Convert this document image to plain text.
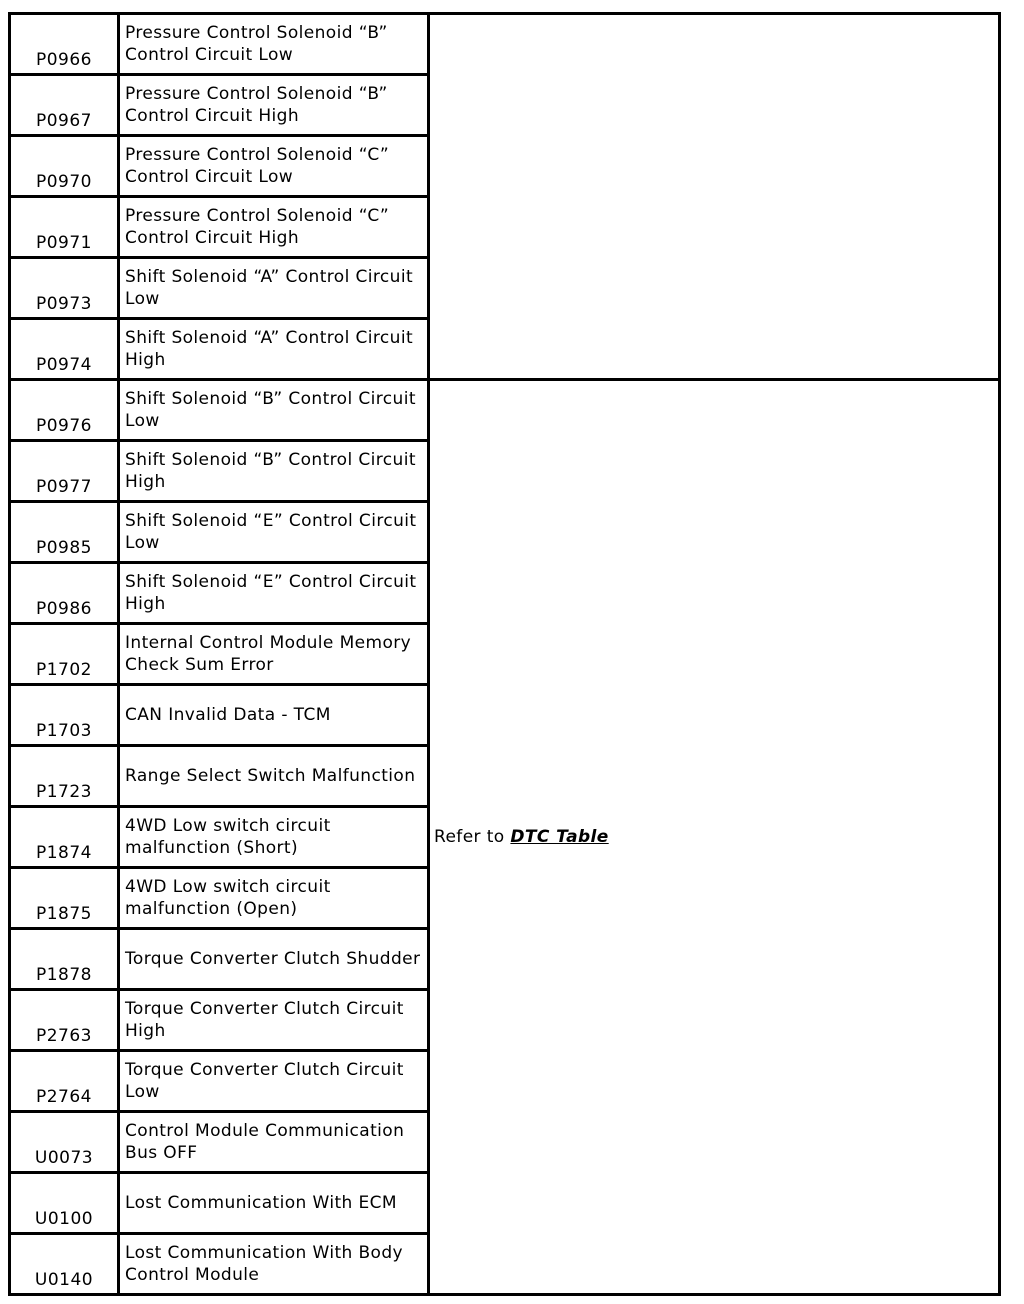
P0966	Pressure Control Solenoid “B” Control Circuit Low	
P0967	Pressure Control Solenoid “B” Control Circuit High	
P0970	Pressure Control Solenoid “C” Control Circuit Low	
P0971	Pressure Control Solenoid “C” Control Circuit High	
P0973	Shift Solenoid “A” Control Circuit Low	
P0974	Shift Solenoid “A” Control Circuit High	
P0976	Shift Solenoid “B” Control Circuit Low	Refer to DTC Table
P0977	Shift Solenoid “B” Control Circuit High	
P0985	Shift Solenoid “E” Control Circuit Low	
P0986	Shift Solenoid “E” Control Circuit High	
P1702	Internal Control Module Memory Check Sum Error	
P1703	CAN Invalid Data - TCM	
P1723	Range Select Switch Malfunction	
P1874	4WD Low switch circuit malfunction (Short)	
P1875	4WD Low switch circuit malfunction (Open)	
P1878	Torque Converter Clutch Shudder	
P2763	Torque Converter Clutch Circuit High	
P2764	Torque Converter Clutch Circuit Low	
U0073	Control Module Communication Bus OFF	
U0100	Lost Communication With ECM	
U0140	Lost Communication With Body Control Module	
